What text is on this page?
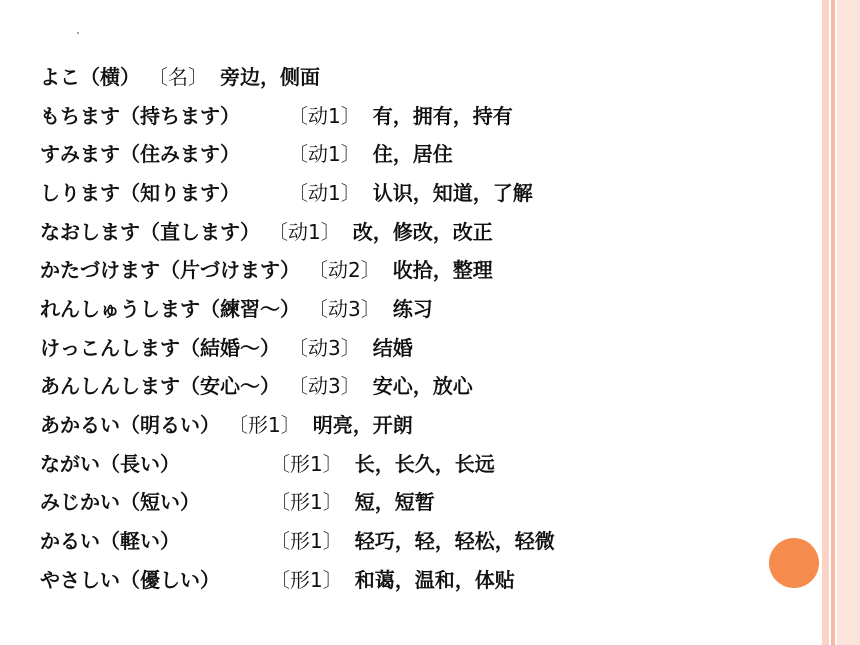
よこ（横） 〔名〕 旁边，侧面
もちます（持ちます） 〔动1〕 有，拥有，持有
すみます（住みます） 〔动1〕 住，居住
しります（知ります） 〔动1〕 认识，知道，了解
なおします（直します） 〔动1〕 改，修改，改正
かたづけます（片づけます） 〔动2〕 收拾，整理
れんしゅうします（練習～） 〔动3〕 练习
けっこんします（結婚～） 〔动3〕 结婚
あんしんします（安心～） 〔动3〕 安心，放心
あかるい（明るい） 〔形1〕 明亮，开朗
ながい（長い）	〔形1〕 长，长久，长远
みじかい（短い）	〔形1〕 短，短暂
かるい（軽い）	〔形1〕 轻巧，轻，轻松，轻微
やさしい（優しい）	〔形1〕 和蔼，温和，体贴
